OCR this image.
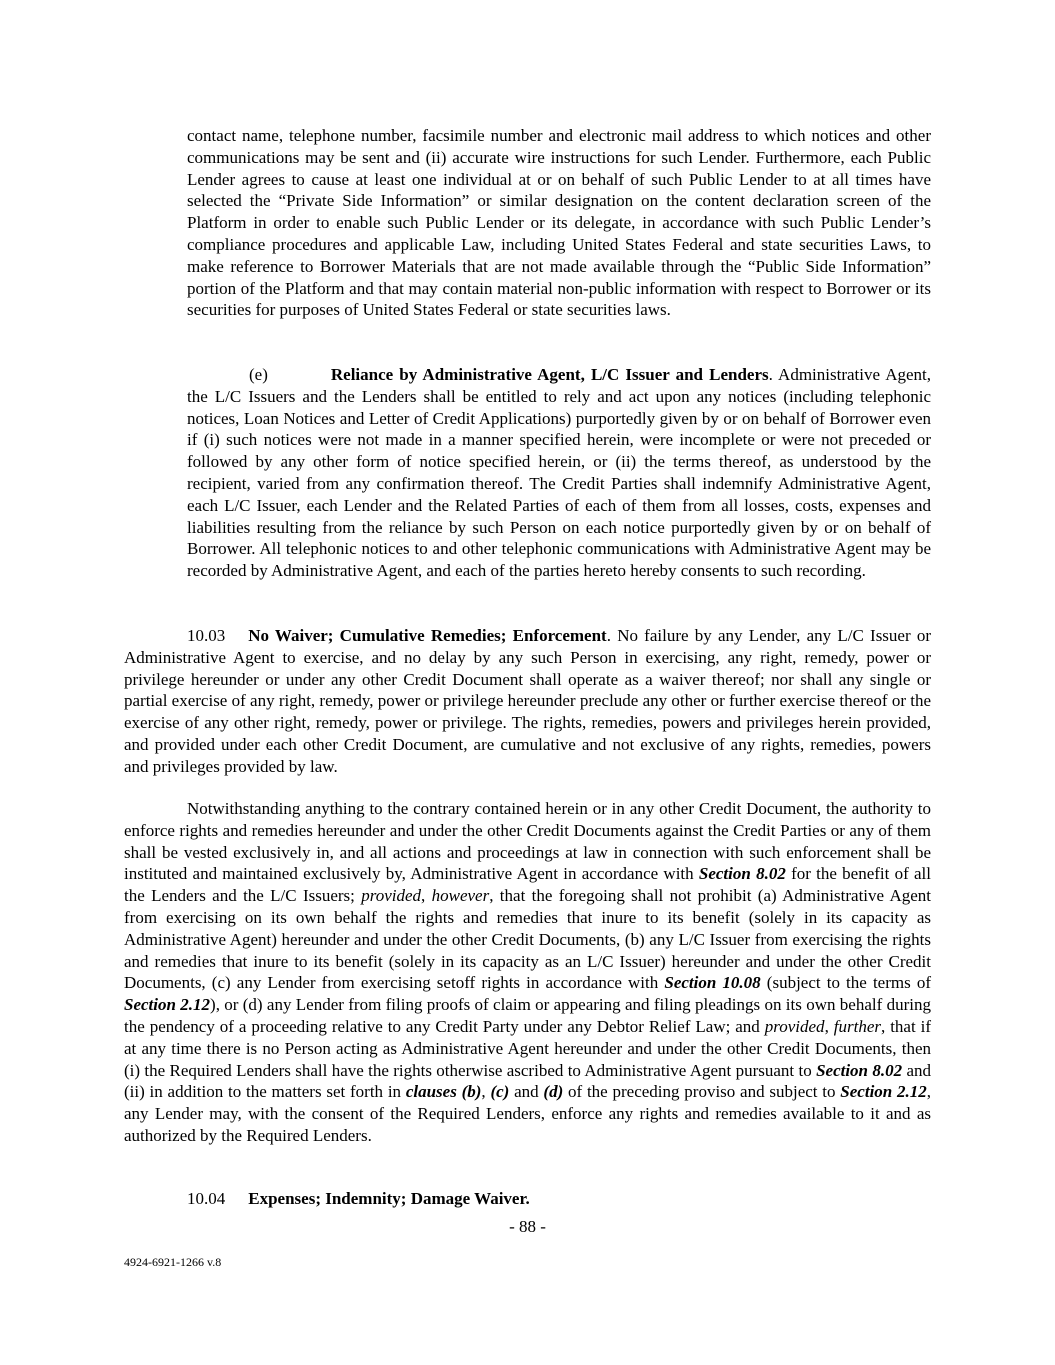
contact name, telephone number, facsimile number and electronic mail address to which notices and other communications may be sent and (ii) accurate wire instructions for such Lender. Furthermore, each Public Lender agrees to cause at least one individual at or on behalf of such Public Lender to at all times have selected the “Private Side Information” or similar designation on the content declaration screen of the Platform in order to enable such Public Lender or its delegate, in accordance with such Public Lender’s compliance procedures and applicable Law, including United States Federal and state securities Laws, to make reference to Borrower Materials that are not made available through the “Public Side Information” portion of the Platform and that may contain material non-public information with respect to Borrower or its securities for purposes of United States Federal or state securities laws.

(e)	Reliance by Administrative Agent, L/C Issuer and Lenders. Administrative Agent, the L/C Issuers and the Lenders shall be entitled to rely and act upon any notices (including telephonic notices, Loan Notices and Letter of Credit Applications) purportedly given by or on behalf of Borrower even if (i) such notices were not made in a manner specified herein, were incomplete or were not preceded or followed by any other form of notice specified herein, or (ii) the terms thereof, as understood by the recipient, varied from any confirmation thereof. The Credit Parties shall indemnify Administrative Agent, each L/C Issuer, each Lender and the Related Parties of each of them from all losses, costs, expenses and liabilities resulting from the reliance by such Person on each notice purportedly given by or on behalf of Borrower. All telephonic notices to and other telephonic communications with Administrative Agent may be recorded by Administrative Agent, and each of the parties hereto hereby consents to such recording.

10.03 No Waiver; Cumulative Remedies; Enforcement. No failure by any Lender, any L/C Issuer or Administrative Agent to exercise, and no delay by any such Person in exercising, any right, remedy, power or privilege hereunder or under any other Credit Document shall operate as a waiver thereof; nor shall any single or partial exercise of any right, remedy, power or privilege hereunder preclude any other or further exercise thereof or the exercise of any other right, remedy, power or privilege. The rights, remedies, powers and privileges herein provided, and provided under each other Credit Document, are cumulative and not exclusive of any rights, remedies, powers and privileges provided by law.

Notwithstanding anything to the contrary contained herein or in any other Credit Document, the authority to enforce rights and remedies hereunder and under the other Credit Documents against the Credit Parties or any of them shall be vested exclusively in, and all actions and proceedings at law in connection with such enforcement shall be instituted and maintained exclusively by, Administrative Agent in accordance with Section 8.02 for the benefit of all the Lenders and the L/C Issuers; provided, however, that the foregoing shall not prohibit (a) Administrative Agent from exercising on its own behalf the rights and remedies that inure to its benefit (solely in its capacity as Administrative Agent) hereunder and under the other Credit Documents, (b) any L/C Issuer from exercising the rights and remedies that inure to its benefit (solely in its capacity as an L/C Issuer) hereunder and under the other Credit Documents, (c) any Lender from exercising setoff rights in accordance with Section 10.08 (subject to the terms of Section 2.12), or (d) any Lender from filing proofs of claim or appearing and filing pleadings on its own behalf during the pendency of a proceeding relative to any Credit Party under any Debtor Relief Law; and provided, further, that if at any time there is no Person acting as Administrative Agent hereunder and under the other Credit Documents, then (i) the Required Lenders shall have the rights otherwise ascribed to Administrative Agent pursuant to Section 8.02 and (ii) in addition to the matters set forth in clauses (b), (c) and (d) of the preceding proviso and subject to Section 2.12, any Lender may, with the consent of the Required Lenders, enforce any rights and remedies available to it and as authorized by the Required Lenders.

10.04 Expenses; Indemnity; Damage Waiver.

- 88 -
4924-6921-1266 v.8
